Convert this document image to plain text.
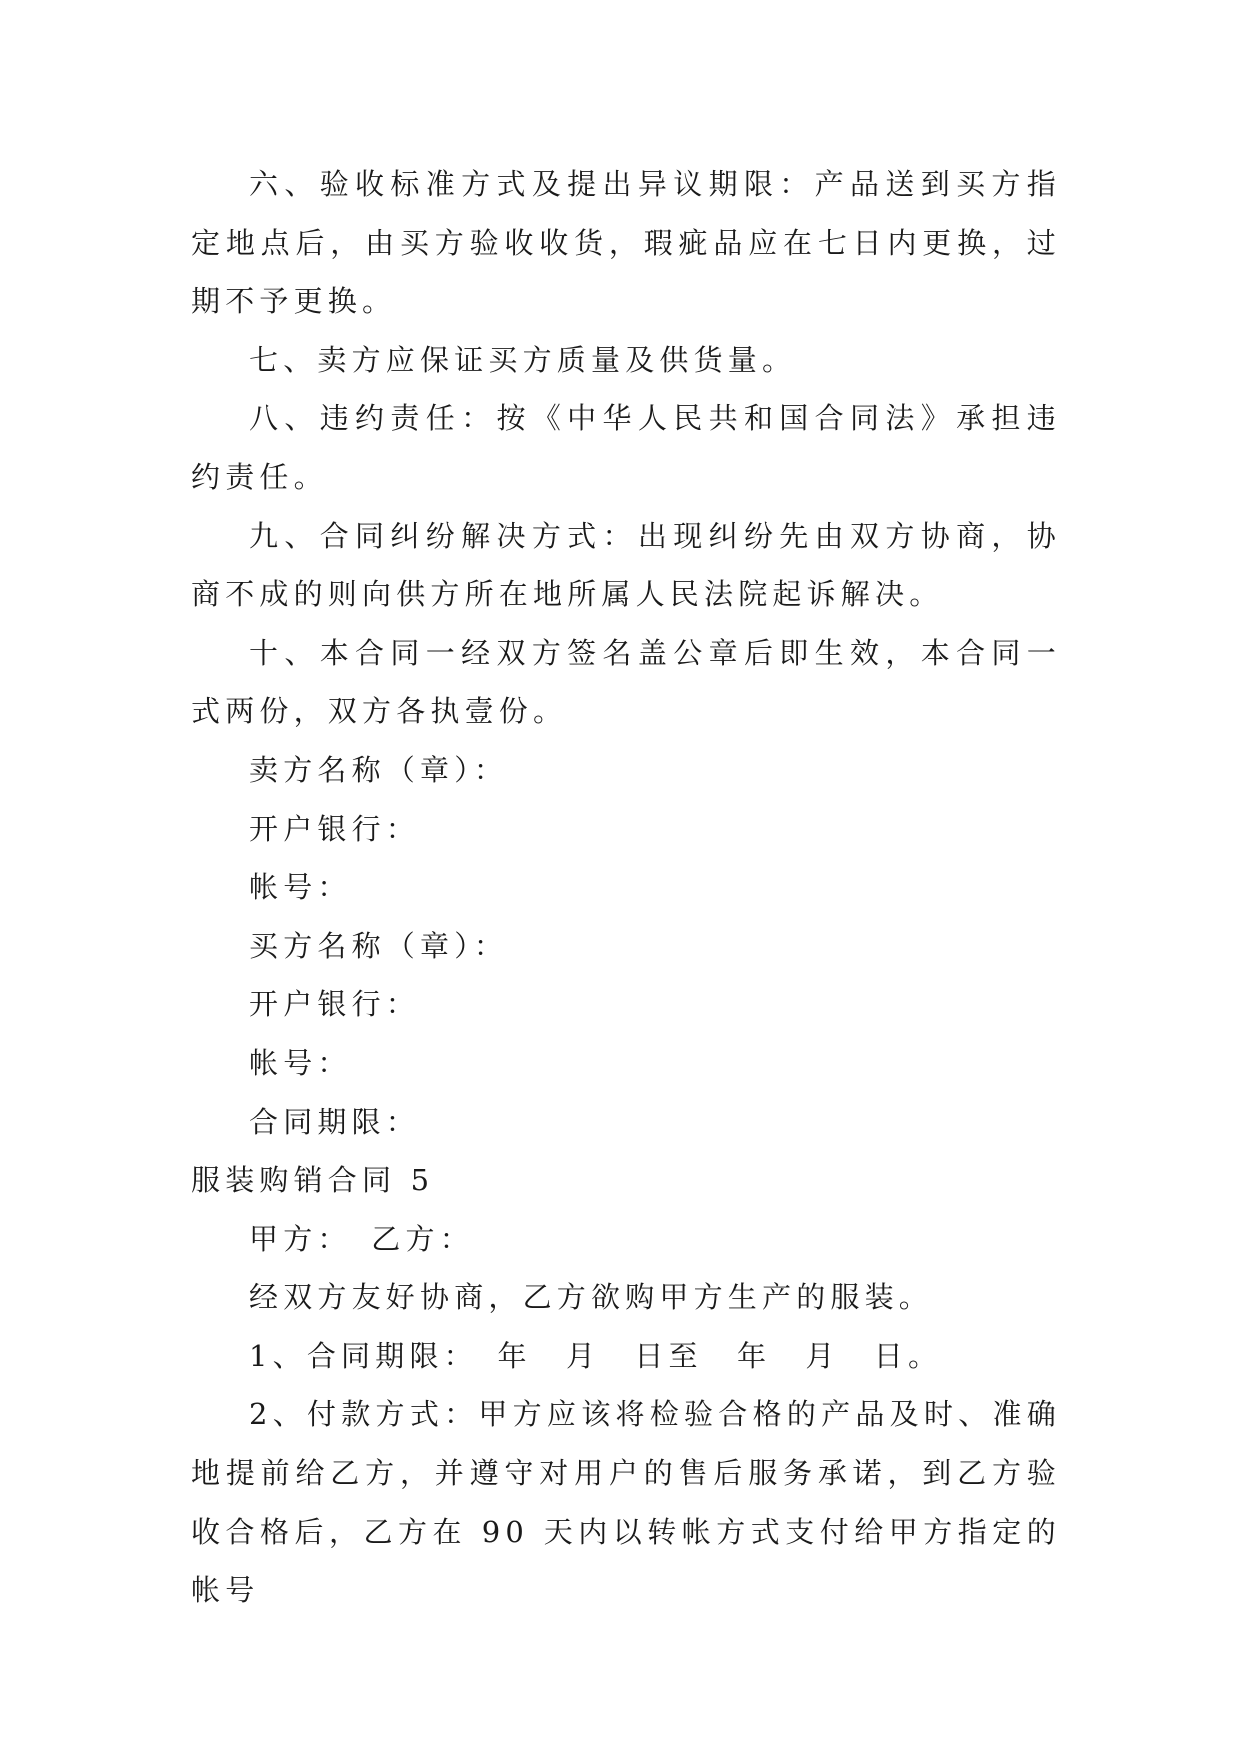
六、验收标准方式及提出异议期限：产品送到买方指定地点后，由买方验收收货，瑕疵品应在七日内更换，过期不予更换。

七、卖方应保证买方质量及供货量。

八、违约责任：按《中华人民共和国合同法》承担违约责任。

九、合同纠纷解决方式：出现纠纷先由双方协商，协商不成的则向供方所在地所属人民法院起诉解决。

十、本合同一经双方签名盖公章后即生效，本合同一式两份，双方各执壹份。

卖方名称（章）：

开户银行：

帐号：

买方名称（章）：

开户银行：

帐号：

合同期限：

服装购销合同 5

甲方：　乙方：

经双方友好协商，乙方欲购甲方生产的服装。

1、合同期限：　年　月　日至　年　月　日。

2、付款方式：甲方应该将检验合格的产品及时、准确地提前给乙方，并遵守对用户的售后服务承诺，到乙方验收合格后，乙方在 90 天内以转帐方式支付给甲方指定的帐号
